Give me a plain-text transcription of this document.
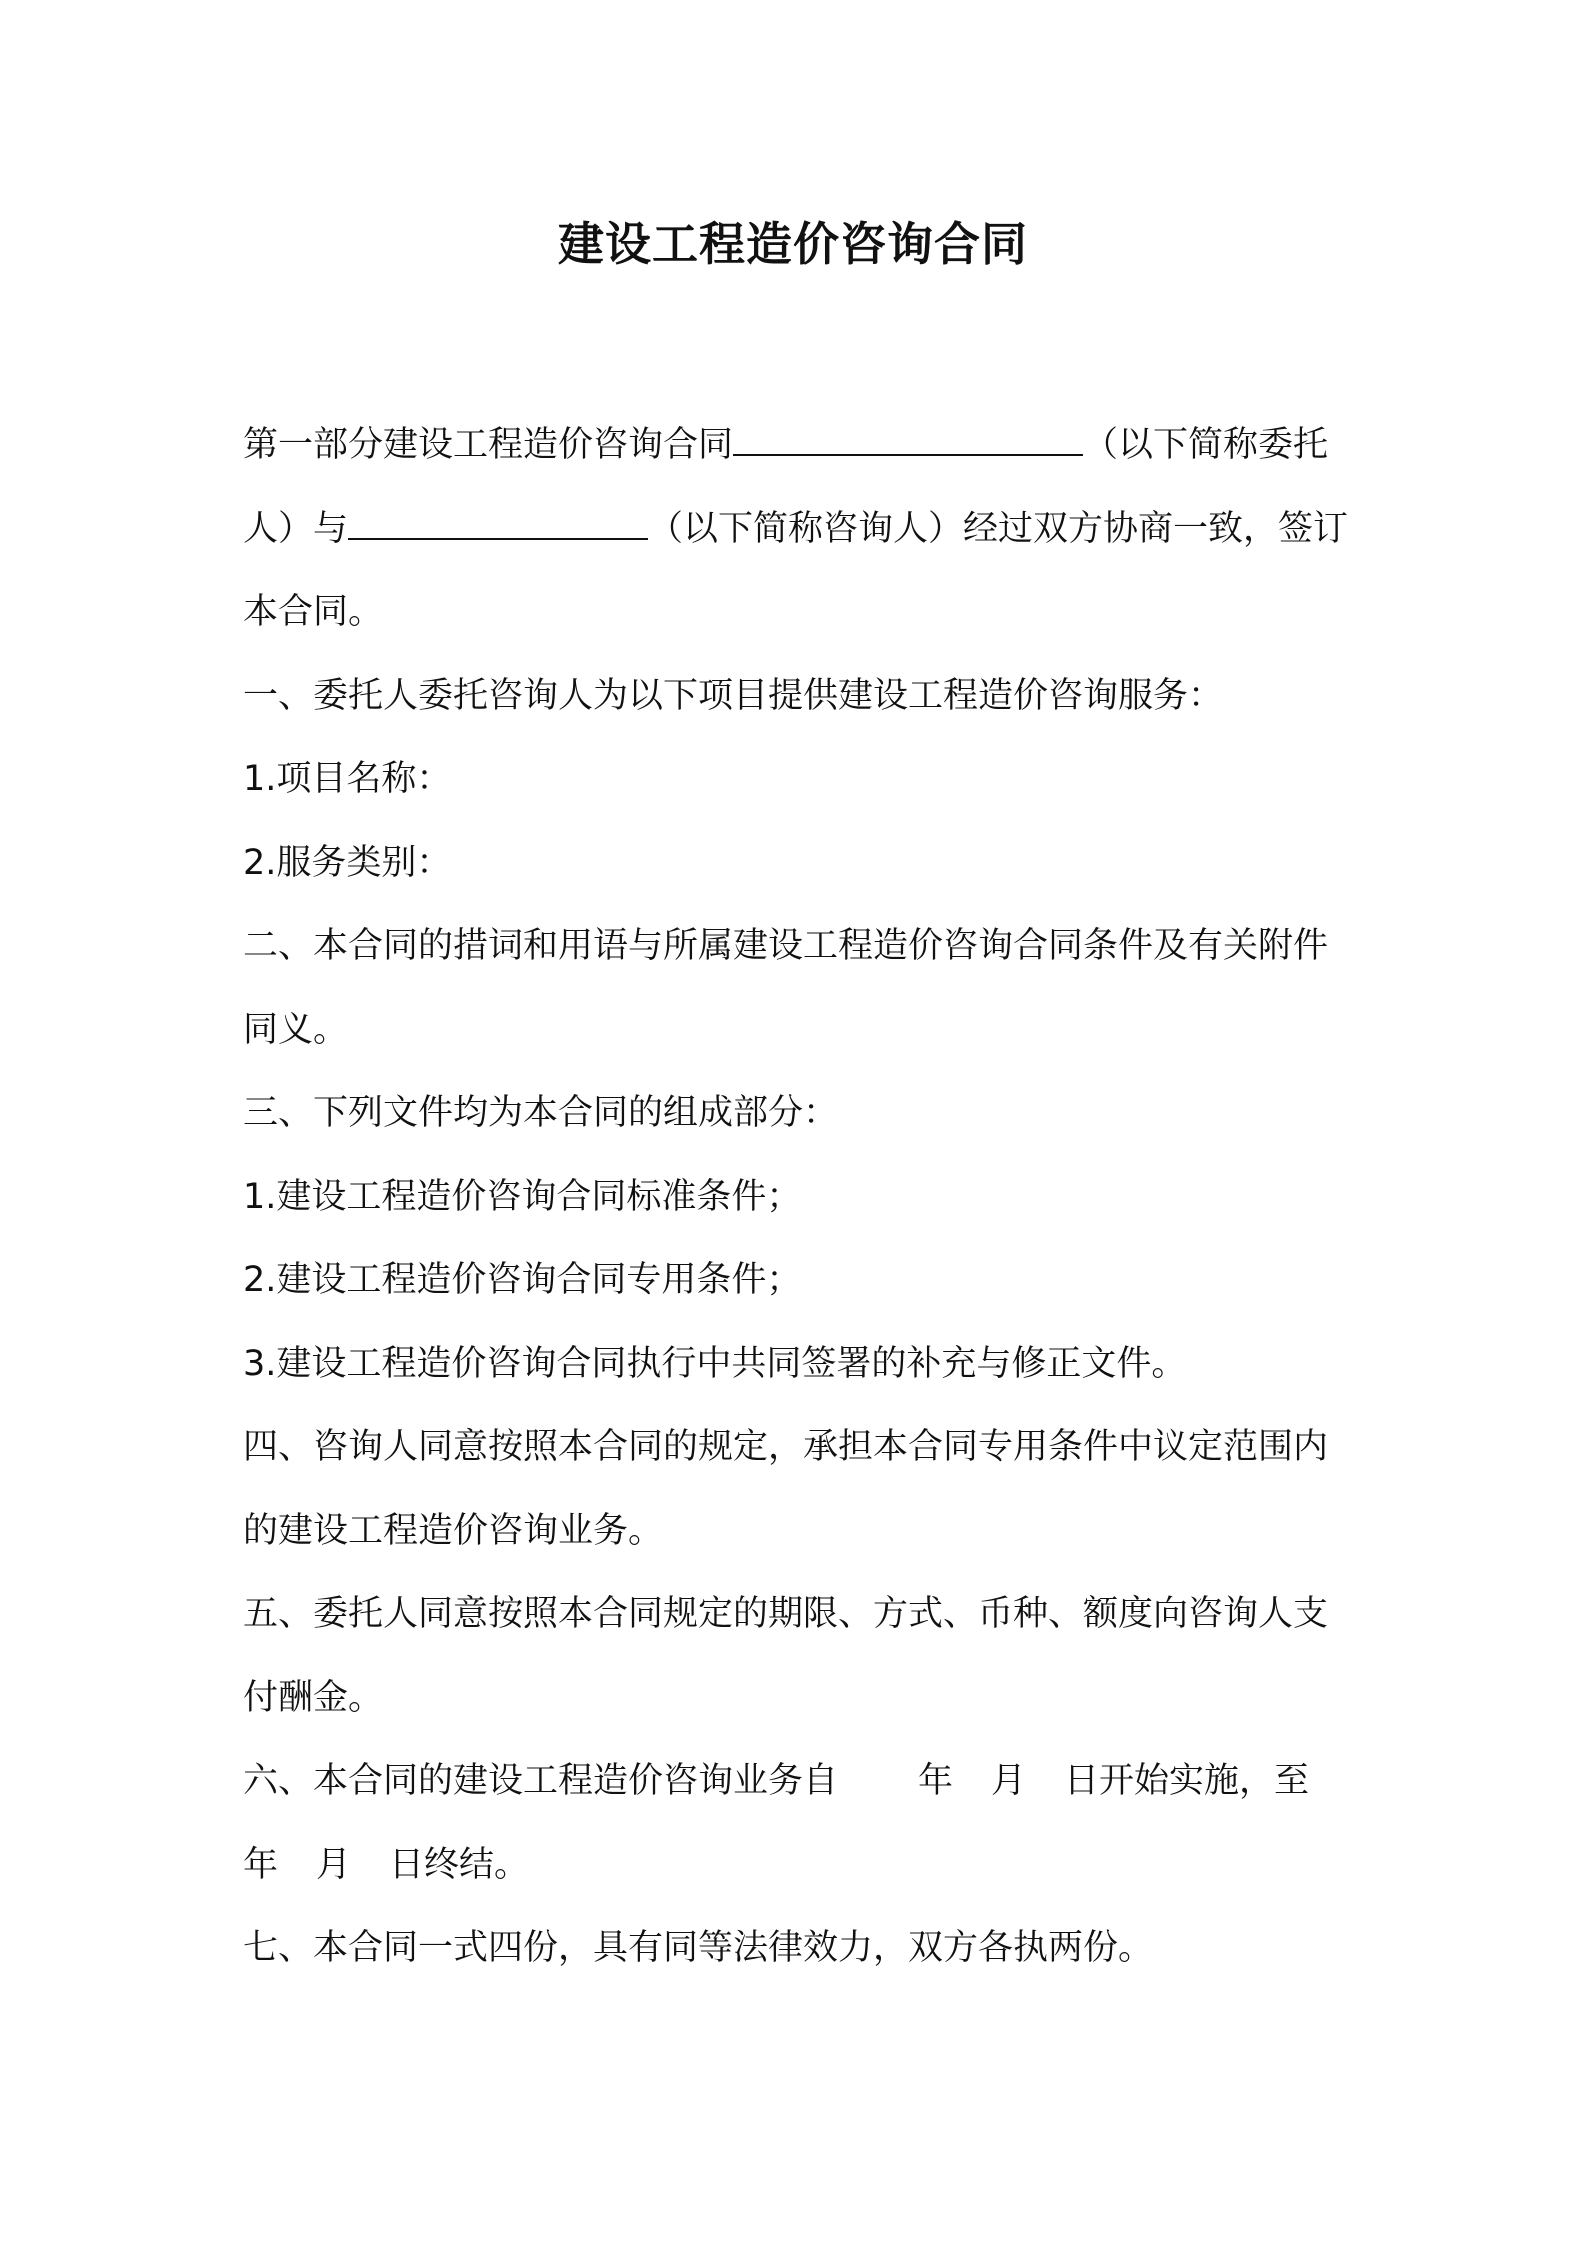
建设工程造价咨询合同

第一部分建设工程造价咨询合同	（以下简称委托人）与	（以下简称咨询人）经过双方协商一致，签订本合同。

一、委托人委托咨询人为以下项目提供建设工程造价咨询服务：

1.项目名称：

2.服务类别：

二、本合同的措词和用语与所属建设工程造价咨询合同条件及有关附件同义。

三、下列文件均为本合同的组成部分：

1.建设工程造价咨询合同标准条件；

2.建设工程造价咨询合同专用条件；

3.建设工程造价咨询合同执行中共同签署的补充与修正文件。

四、咨询人同意按照本合同的规定，承担本合同专用条件中议定范围内的建设工程造价咨询业务。

五、委托人同意按照本合同规定的期限、方式、币种、额度向咨询人支付酬金。

六、本合同的建设工程造价咨询业务自 年 月 日开始实施，至
年 月 日终结。

七、本合同一式四份，具有同等法律效力，双方各执两份。
